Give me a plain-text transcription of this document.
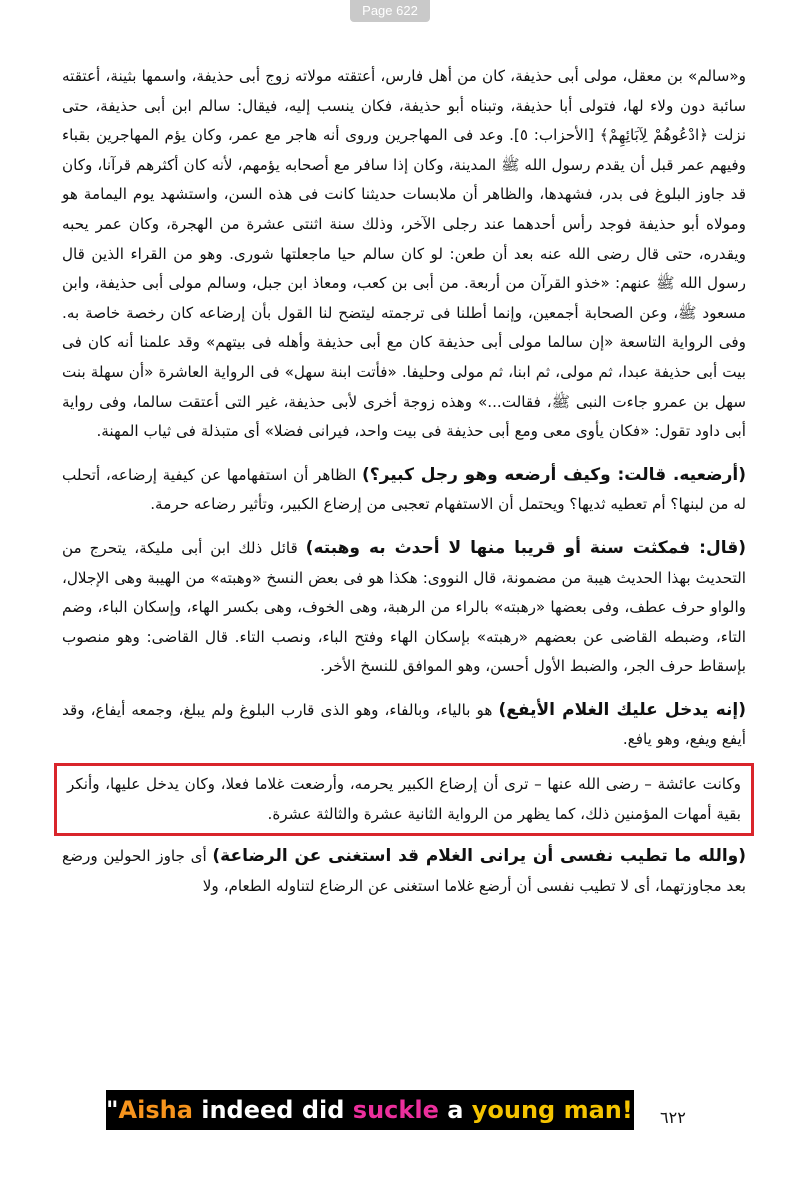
Page 622

و«سالم» بن معقل، مولى أبى حذيفة، كان من أهل فارس، أعتقته مولاته زوج أبى حذيفة، واسمها بثينة، أعتقته سائبة دون ولاء لها، فتولى أبا حذيفة، وتبناه أبو حذيفة، فكان ينسب إليه، فيقال: سالم ابن أبى حذيفة، حتى نزلت ﴿ادْعُوهُمْ لِآبَائِهِمْ﴾ [الأحزاب: ٥]. وعد فى المهاجرين وروى أنه هاجر مع عمر، وكان يؤم المهاجرين بقباء وفيهم عمر قبل أن يقدم رسول الله ﷺ المدينة، وكان إذا سافر مع أصحابه يؤمهم، لأنه كان أكثرهم قرآنا، وكان قد جاوز البلوغ فى بدر، فشهدها، والظاهر أن ملابسات حديثنا كانت فى هذه السن، واستشهد يوم اليمامة هو ومولاه أبو حذيفة فوجد رأس أحدهما عند رجلى الآخر، وذلك سنة اثنتى عشرة من الهجرة، وكان عمر يحبه ويقدره، حتى قال رضى الله عنه بعد أن طعن: لو كان سالم حيا ماجعلتها شورى. وهو من القراء الذين قال رسول الله ﷺ عنهم: «خذو القرآن من أربعة. من أبى بن كعب، ومعاذ ابن جبل، وسالم مولى أبى حذيفة، وابن مسعود ﷺ، وعن الصحابة أجمعين، وإنما أطلنا فى ترجمته ليتضح لنا القول بأن إرضاعه كان رخصة خاصة به. وفى الرواية التاسعة «إن سالما مولى أبى حذيفة كان مع أبى حذيفة وأهله فى بيتهم» وقد علمنا أنه كان فى بيت أبى حذيفة عبدا، ثم مولى، ثم ابنا، ثم مولى وحليفا. «فأتت ابنة سهل» فى الرواية العاشرة «أن سهلة بنت سهل بن عمرو جاءت النبى ﷺ، فقالت...» وهذه زوجة أخرى لأبى حذيفة، غير التى أعتقت سالما، وفى رواية أبى داود تقول: «فكان يأوى معى ومع أبى حذيفة فى بيت واحد، فيرانى فضلا» أى متبذلة فى ثياب المهنة.

(أرضعيه. قالت: وكيف أرضعه وهو رجل كبير؟) الظاهر أن استفهامها عن كيفية إرضاعه، أتحلب له من لبنها؟ أم تعطيه ثديها؟ ويحتمل أن الاستفهام تعجبى من إرضاع الكبير، وتأثير رضاعه حرمة.

(قال: فمكثت سنة أو قريبا منها لا أحدث به وهبته) قائل ذلك ابن أبى مليكة، يتحرج من التحديث بهذا الحديث هيبة من مضمونة، قال النووى: هكذا هو فى بعض النسخ «وهبته» من الهيبة وهى الإجلال، والواو حرف عطف، وفى بعضها «رهبته» بالراء من الرهبة، وهى الخوف، وهى بكسر الهاء، وإسكان الباء، وضم التاء، وضبطه القاضى عن بعضهم «رهبته» بإسكان الهاء وفتح الباء، ونصب التاء. قال القاضى: وهو منصوب بإسقاط حرف الجر، والضبط الأول أحسن، وهو الموافق للنسخ الأخر.

(إنه يدخل عليك الغلام الأيفع) هو بالياء، وبالفاء، وهو الذى قارب البلوغ ولم يبلغ، وجمعه أيفاع، وقد أيفع ويفع، وهو يافع.

وكانت عائشة – رضى الله عنها – ترى أن إرضاع الكبير يحرمه، وأرضعت غلاما فعلا، وكان يدخل عليها، وأنكر بقية أمهات المؤمنين ذلك، كما يظهر من الرواية الثانية عشرة والثالثة عشرة.

(والله ما تطيب نفسى أن يرانى الغلام قد استغنى عن الرضاعة) أى جاوز الحولين ورضع بعد مجاوزتهما، أى لا تطيب نفسى أن أرضع غلاما استغنى عن الرضاع لتناوله الطعام، ولا

٦٢٢
"Aisha indeed did suckle a young man!"
